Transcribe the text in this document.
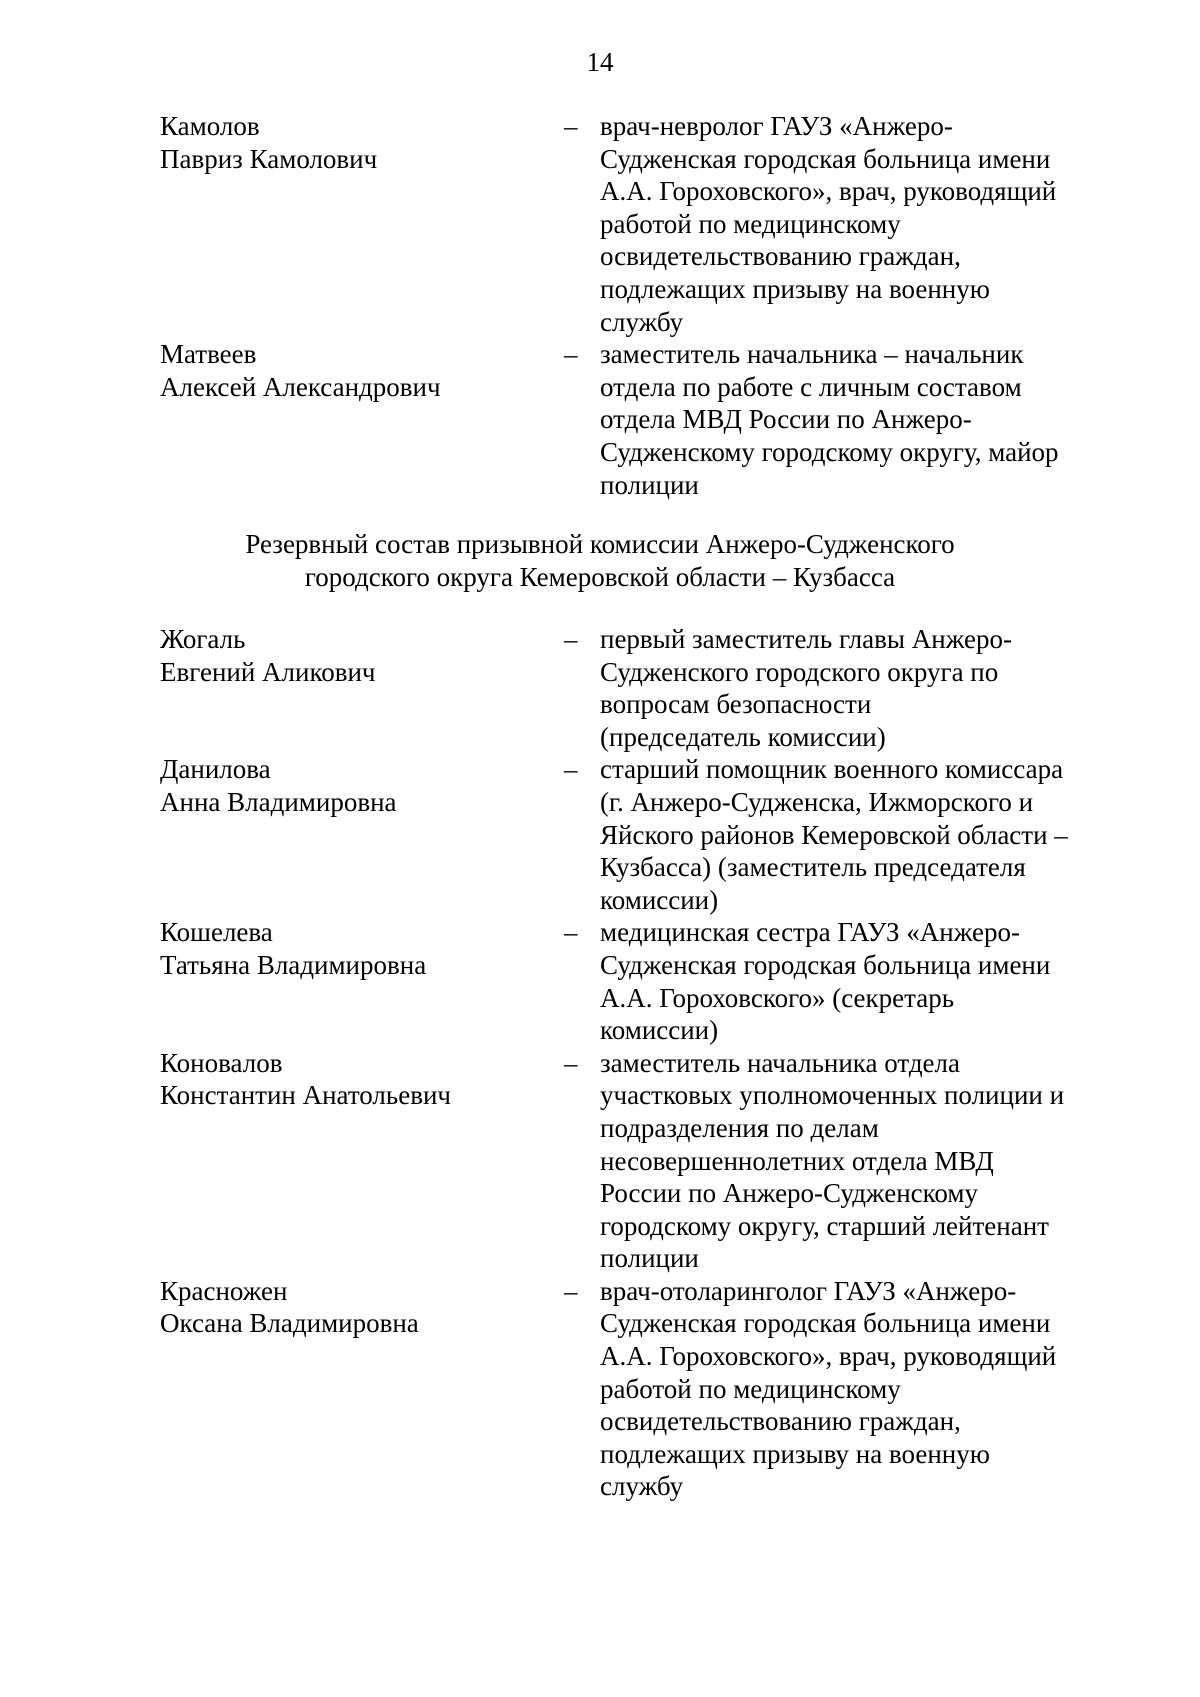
14
Камолов
Павриз Камолович
– врач-невролог ГАУЗ «Анжеро-
Судженская городская больница имени
А.А. Гороховского», врач, руководящий
работой по медицинскому
освидетельствованию граждан,
подлежащих призыву на военную
службу
Матвеев
Алексей Александрович
– заместитель начальника – начальник
отдела по работе с личным составом
отдела МВД России по Анжеро-
Судженскому городскому округу, майор
полиции
Резервный состав призывной комиссии Анжеро-Судженского
городского округа Кемеровской области – Кузбасса
Жогаль
Евгений Аликович
– первый заместитель главы Анжеро-
Судженского городского округа по
вопросам безопасности
(председатель комиссии)
Данилова
Анна Владимировна
– старший помощник военного комиссара
(г. Анжеро-Судженска, Ижморского и
Яйского районов Кемеровской области –
Кузбасса) (заместитель председателя
комиссии)
Кошелева
Татьяна Владимировна
– медицинская сестра ГАУЗ «Анжеро-
Судженская городская больница имени
А.А. Гороховского» (секретарь
комиссии)
Коновалов
Константин Анатольевич
– заместитель начальника отдела
участковых уполномоченных полиции и
подразделения по делам
несовершеннолетних отдела МВД
России по Анжеро-Судженскому
городскому округу, старший лейтенант
полиции
Красножен
Оксана Владимировна
– врач-отоларинголог ГАУЗ «Анжеро-
Судженская городская больница имени
А.А. Гороховского», врач, руководящий
работой по медицинскому
освидетельствованию граждан,
подлежащих призыву на военную
службу
